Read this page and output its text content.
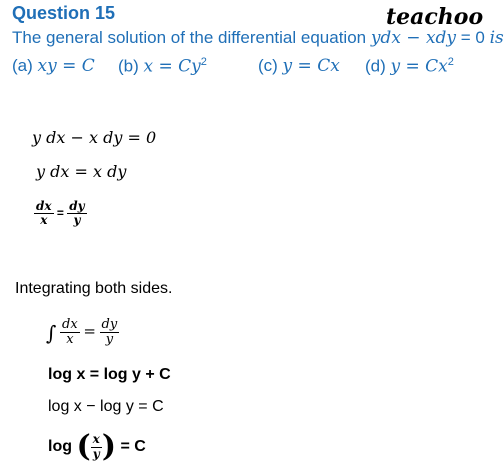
Question 15	teachoo
The general solution of the differential equation ydx − xdy = 0 is
(a) xy = C (b) $x = Cy^2$	(c) y = Cx (d) $y = Cx^2$
y dx − x dy = 0
y dx = x dy
$\frac{dx}{x} = \frac{dy}{y}$
Integrating both sides.
∫ $\frac{dx}{x} = \frac{dy}{y}$
log x = log y + C
log x − log y = C
log ( $\frac{x}{y}$ ) = C
